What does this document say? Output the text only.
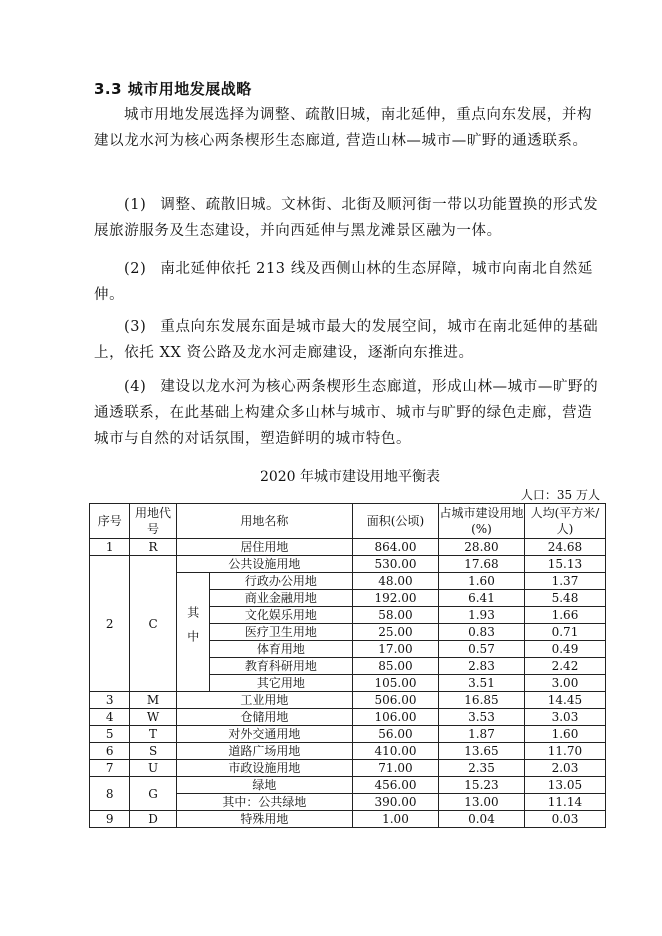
3.3 城市用地发展战略
城市用地发展选择为调整、疏散旧城，南北延伸，重点向东发展，并构建以龙水河为核心两条楔形生态廊道, 营造山林—城市—旷野的通透联系。
(1) 调整、疏散旧城。文林街、北街及顺河街一带以功能置换的形式发展旅游服务及生态建设，并向西延伸与黑龙滩景区融为一体。
(2) 南北延伸依托 213 线及西侧山林的生态屏障，城市向南北自然延伸。
(3) 重点向东发展东面是城市最大的发展空间，城市在南北延伸的基础上，依托 XX 资公路及龙水河走廊建设，逐渐向东推进。
(4) 建设以龙水河为核心两条楔形生态廊道，形成山林—城市—旷野的通透联系，在此基础上构建众多山林与城市、城市与旷野的绿色走廊，营造城市与自然的对话氛围，塑造鲜明的城市特色。
2020 年城市建设用地平衡表
人口：35 万人
序号	用地代号	用地名称		面积(公顷)	占城市建设用地(%)	人均(平方米/人)
1	R	居住用地		864.00	28.80	24.68
2	C	公共设施用地		530.00	17.68	15.13
		其中	行政办公用地	48.00	1.60	1.37
			商业金融用地	192.00	6.41	5.48
			文化娱乐用地	58.00	1.93	1.66
			医疗卫生用地	25.00	0.83	0.71
			体育用地	17.00	0.57	0.49
			教育科研用地	85.00	2.83	2.42
			其它用地	105.00	3.51	3.00
3	M	工业用地		506.00	16.85	14.45
4	W	仓储用地		106.00	3.53	3.03
5	T	对外交通用地		56.00	1.87	1.60
6	S	道路广场用地		410.00	13.65	11.70
7	U	市政设施用地		71.00	2.35	2.03
8	G	绿地		456.00	15.23	13.05
		其中：公共绿地		390.00	13.00	11.14
9	D	特殊用地		1.00	0.04	0.03
